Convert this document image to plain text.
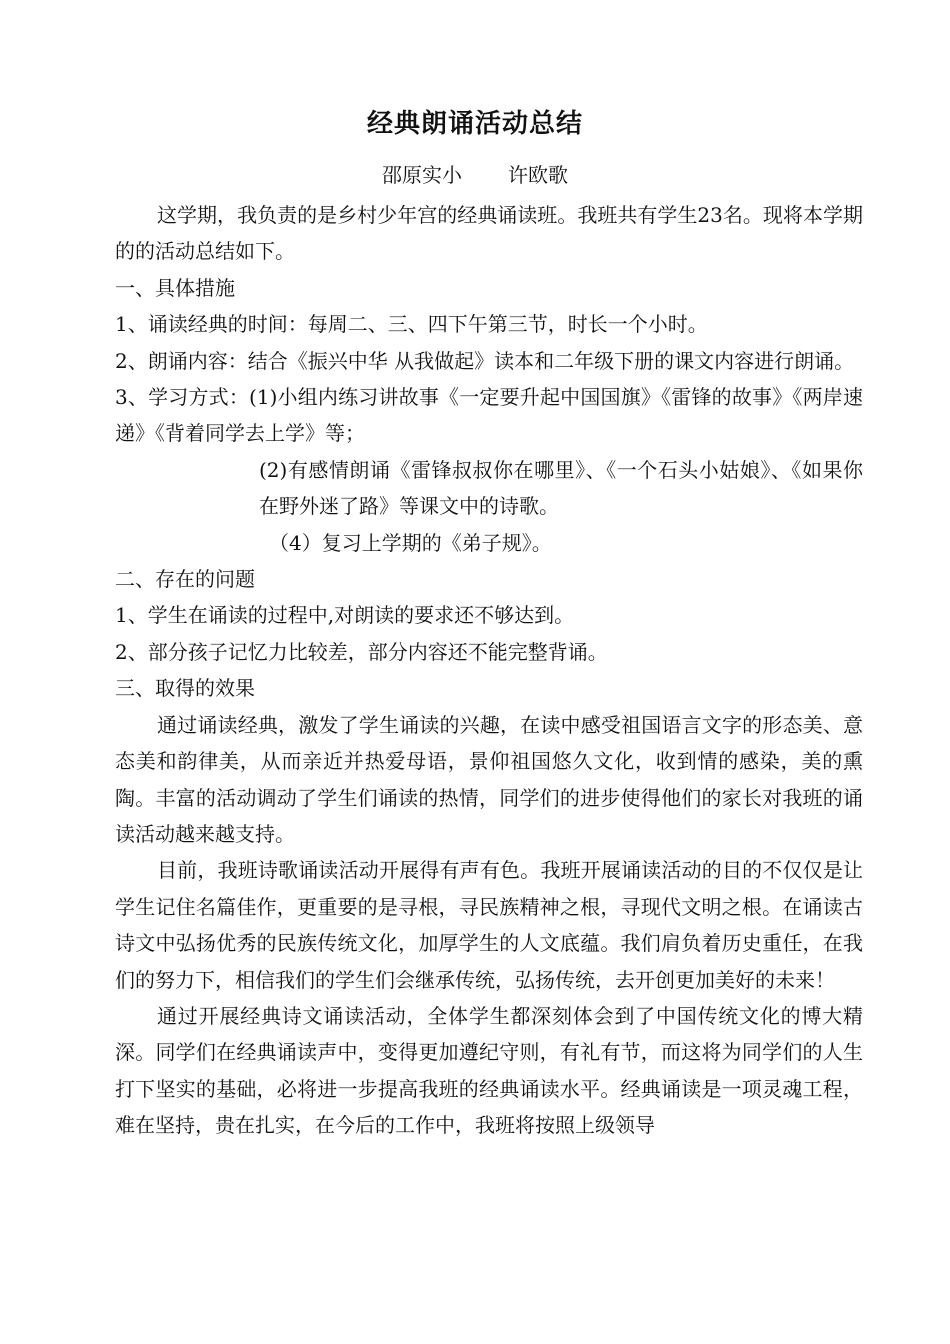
经典朗诵活动总结
邵原实小 许欧歌

这学期，我负责的是乡村少年宫的经典诵读班。我班共有学生23名。现将本学期的的活动总结如下。

一、具体措施

1、诵读经典的时间：每周二、三、四下午第三节，时长一个小时。

2、朗诵内容：结合《振兴中华 从我做起》读本和二年级下册的课文内容进行朗诵。

3、学习方式：(1)小组内练习讲故事《一定要升起中国国旗》《雷锋的故事》《两岸速递》《背着同学去上学》等；

(2)有感情朗诵《雷锋叔叔你在哪里》、《一个石头小姑娘》、《如果你在野外迷了路》等课文中的诗歌。

（4）复习上学期的《弟子规》。

二、存在的问题

1、学生在诵读的过程中,对朗读的要求还不够达到。

2、部分孩子记忆力比较差，部分内容还不能完整背诵。

三、取得的效果

通过诵读经典，激发了学生诵读的兴趣，在读中感受祖国语言文字的形态美、意态美和韵律美，从而亲近并热爱母语，景仰祖国悠久文化，收到情的感染，美的熏陶。丰富的活动调动了学生们诵读的热情，同学们的进步使得他们的家长对我班的诵读活动越来越支持。

目前，我班诗歌诵读活动开展得有声有色。我班开展诵读活动的目的不仅仅是让学生记住名篇佳作，更重要的是寻根，寻民族精神之根，寻现代文明之根。在诵读古诗文中弘扬优秀的民族传统文化，加厚学生的人文底蕴。我们肩负着历史重任，在我们的努力下，相信我们的学生们会继承传统，弘扬传统，去开创更加美好的未来！

通过开展经典诗文诵读活动，全体学生都深刻体会到了中国传统文化的博大精深。同学们在经典诵读声中，变得更加遵纪守则，有礼有节，而这将为同学们的人生打下坚实的基础，必将进一步提高我班的经典诵读水平。经典诵读是一项灵魂工程，难在坚持，贵在扎实，在今后的工作中，我班将按照上级领导
